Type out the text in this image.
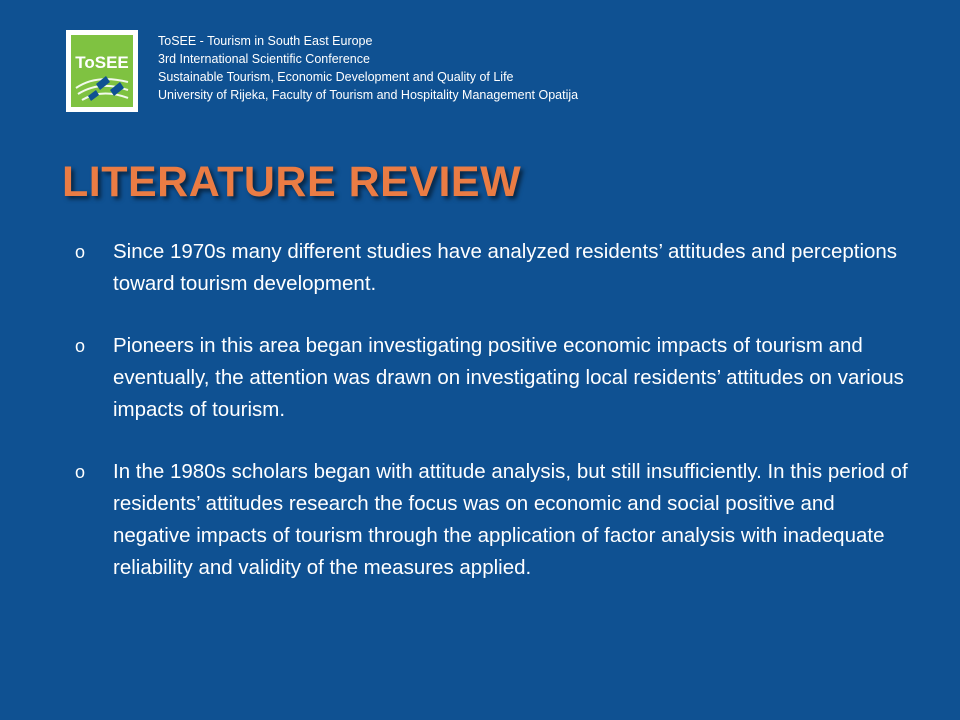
ToSEE
ToSEE - Tourism in South East Europe
3rd International Scientific Conference
Sustainable Tourism, Economic Development and Quality of Life
University of Rijeka, Faculty of Tourism and Hospitality Management Opatija
LITERATURE REVIEW
o Since 1970s many different studies have analyzed residents’ attitudes and perceptions toward tourism development.
o Pioneers in this area began investigating positive economic impacts of tourism and eventually, the attention was drawn on investigating local residents’ attitudes on various impacts of tourism.
o In the 1980s scholars began with attitude analysis, but still insufficiently. In this period of residents’ attitudes research the focus was on economic and social positive and negative impacts of tourism through the application of factor analysis with inadequate reliability and validity of the measures applied.
